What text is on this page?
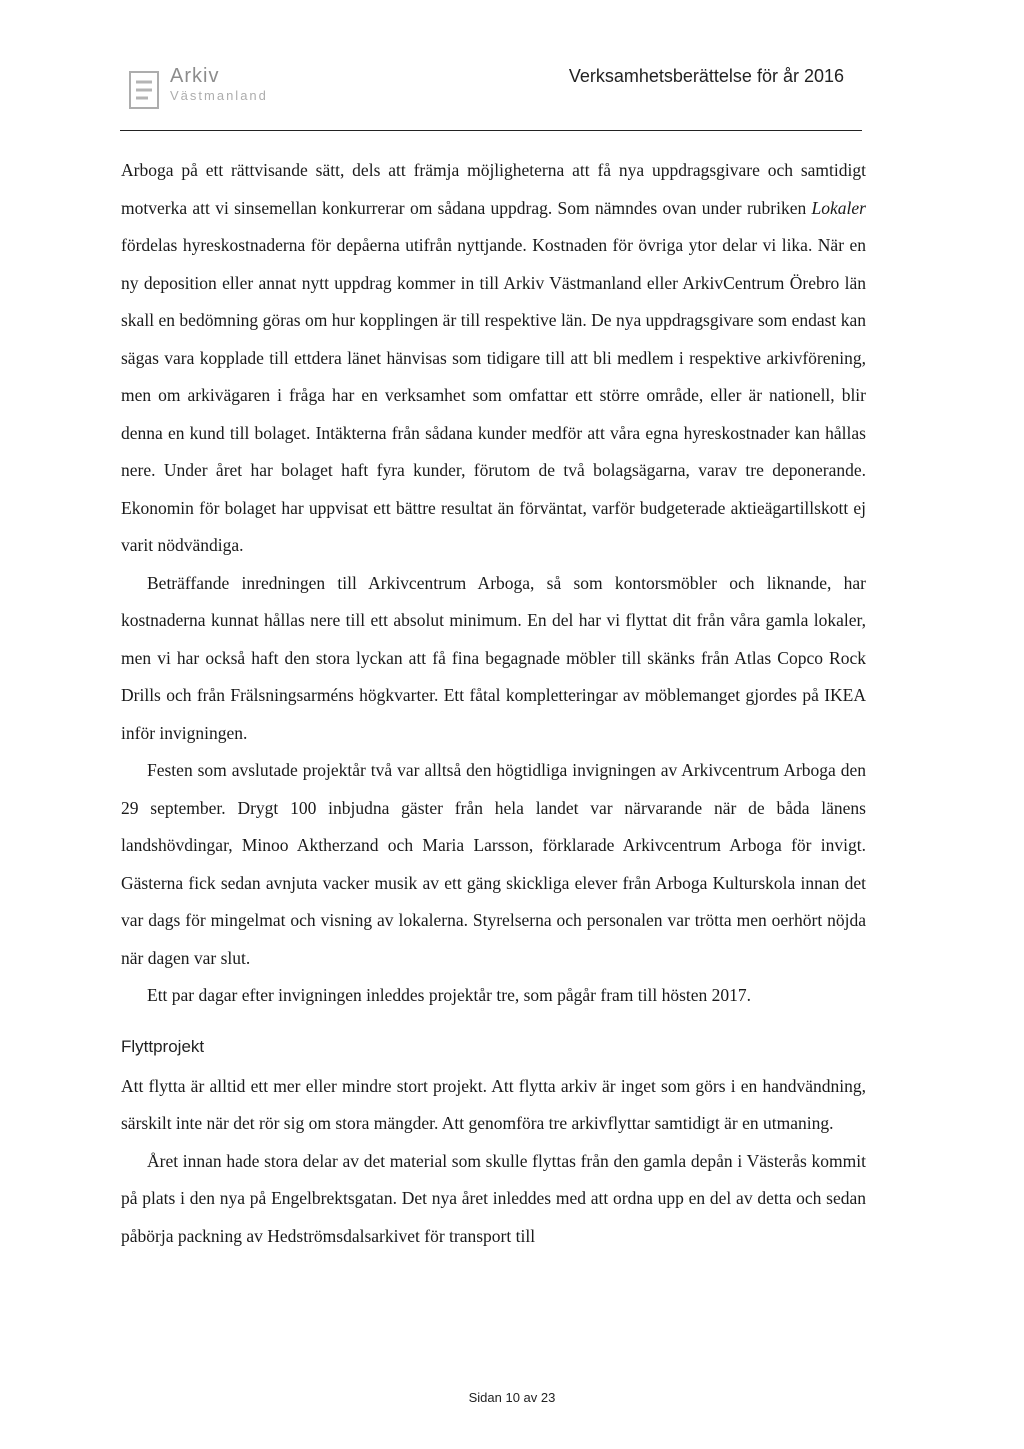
Arkiv
Västmanland
Verksamhetsberättelse för år 2016

Arboga på ett rättvisande sätt, dels att främja möjligheterna att få nya uppdragsgivare och samtidigt motverka att vi sinsemellan konkurrerar om sådana uppdrag. Som nämndes ovan under rubriken Lokaler fördelas hyreskostnaderna för depåerna utifrån nyttjande. Kostnaden för övriga ytor delar vi lika. När en ny deposition eller annat nytt uppdrag kommer in till Arkiv Västmanland eller ArkivCentrum Örebro län skall en bedömning göras om hur kopplingen är till respektive län. De nya uppdragsgivare som endast kan sägas vara kopplade till ettdera länet hänvisas som tidigare till att bli medlem i respektive arkivförening, men om arkivägaren i fråga har en verksamhet som omfattar ett större område, eller är nationell, blir denna en kund till bolaget. Intäkterna från sådana kunder medför att våra egna hyreskostnader kan hållas nere. Under året har bolaget haft fyra kunder, förutom de två bolagsägarna, varav tre deponerande. Ekonomin för bolaget har uppvisat ett bättre resultat än förväntat, varför budgeterade aktieägartillskott ej varit nödvändiga.

Beträffande inredningen till Arkivcentrum Arboga, så som kontorsmöbler och liknande, har kostnaderna kunnat hållas nere till ett absolut minimum. En del har vi flyttat dit från våra gamla lokaler, men vi har också haft den stora lyckan att få fina begagnade möbler till skänks från Atlas Copco Rock Drills och från Frälsningsarméns högkvarter. Ett fåtal kompletteringar av möblemanget gjordes på IKEA inför invigningen.

Festen som avslutade projektår två var alltså den högtidliga invigningen av Arkivcentrum Arboga den 29 september. Drygt 100 inbjudna gäster från hela landet var närvarande när de båda länens landshövdingar, Minoo Aktherzand och Maria Larsson, förklarade Arkivcentrum Arboga för invigt. Gästerna fick sedan avnjuta vacker musik av ett gäng skickliga elever från Arboga Kulturskola innan det var dags för mingelmat och visning av lokalerna. Styrelserna och personalen var trötta men oerhört nöjda när dagen var slut.

Ett par dagar efter invigningen inleddes projektår tre, som pågår fram till hösten 2017.

Flyttprojekt

Att flytta är alltid ett mer eller mindre stort projekt. Att flytta arkiv är inget som görs i en handvändning, särskilt inte när det rör sig om stora mängder. Att genomföra tre arkivflyttar samtidigt är en utmaning.

Året innan hade stora delar av det material som skulle flyttas från den gamla depån i Västerås kommit på plats i den nya på Engelbrektsgatan. Det nya året inleddes med att ordna upp en del av detta och sedan påbörja packning av Hedströmsdalsarkivet för transport till

Sidan 10 av 23
